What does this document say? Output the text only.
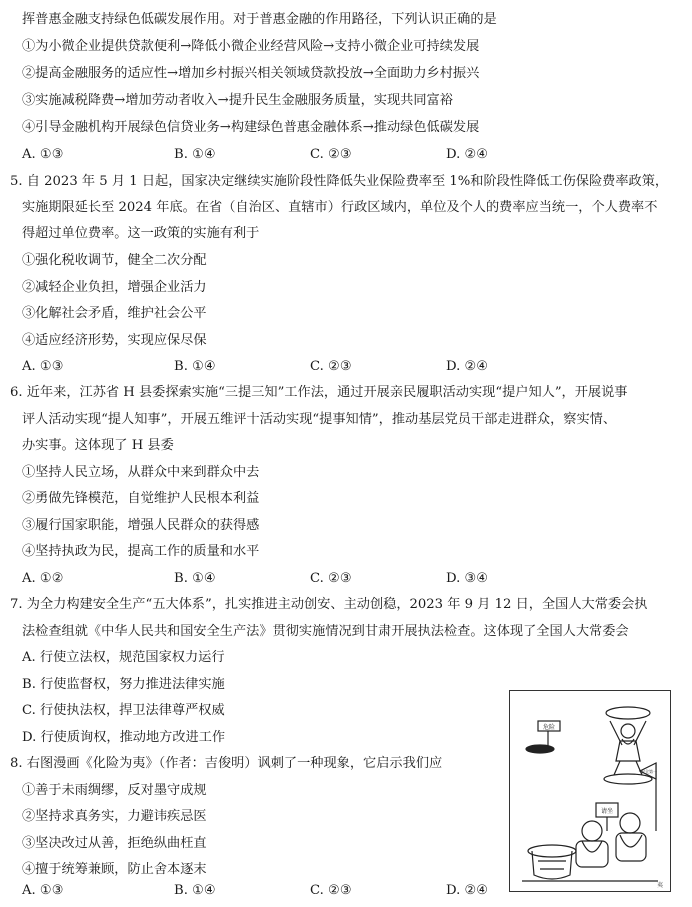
挥普惠金融支持绿色低碳发展作用。对于普惠金融的作用路径，下列认识正确的是
①为小微企业提供贷款便利→降低小微企业经营风险→支持小微企业可持续发展
②提高金融服务的适应性→增加乡村振兴相关领域贷款投放→全面助力乡村振兴
③实施减税降费→增加劳动者收入→提升民生金融服务质量，实现共同富裕
④引导金融机构开展绿色信贷业务→构建绿色普惠金融体系→推动绿色低碳发展
A. ①③	B. ①④	C. ②③	D. ②④
5. 自 2023 年 5 月 1 日起，国家决定继续实施阶段性降低失业保险费率至 1%和阶段性降低工伤保险费率政策，
实施期限延长至 2024 年底。在省（自治区、直辖市）行政区域内，单位及个人的费率应当统一，个人费率不
得超过单位费率。这一政策的实施有利于
①强化税收调节，健全二次分配
②减轻企业负担，增强企业活力
③化解社会矛盾，维护社会公平
④适应经济形势，实现应保尽保
A. ①③	B. ①④	C. ②③	D. ②④
6. 近年来，江苏省 H 县委探索实施“三提三知”工作法，通过开展亲民履职活动实现“提户知人”，开展说事
评人活动实现“提人知事”，开展五维评十活动实现“提事知情”，推动基层党员干部走进群众，察实情、
办实事。这体现了 H 县委
①坚持人民立场，从群众中来到群众中去
②勇做先锋模范，自觉维护人民根本利益
③履行国家职能，增强人民群众的获得感
④坚持执政为民，提高工作的质量和水平
A. ①②	B. ①④	C. ②③	D. ③④
7. 为全力构建安全生产“五大体系”，扎实推进主动创安、主动创稳，2023 年 9 月 12 日，全国人大常委会执
法检查组就《中华人民共和国安全生产法》贯彻实施情况到甘肃开展执法检查。这体现了全国人大常委会
A. 行使立法权，规范国家权力运行
B. 行使监督权，努力推进法律实施
C. 行使执法权，捍卫法律尊严权威
D. 行使质询权，推动地方改进工作
8. 右图漫画《化险为夷》（作者：吉俊明）讽刺了一种现象，它启示我们应
①善于未雨绸缪，反对墨守成规
②坚持求真务实，力避讳疾忌医
③坚决改过从善，拒绝纵曲枉直
④擅于统筹兼顾，防止舍本逐末
A. ①③	B. ①④	C. ②③	D. ②④
危险
请坐
安全第一
夷
